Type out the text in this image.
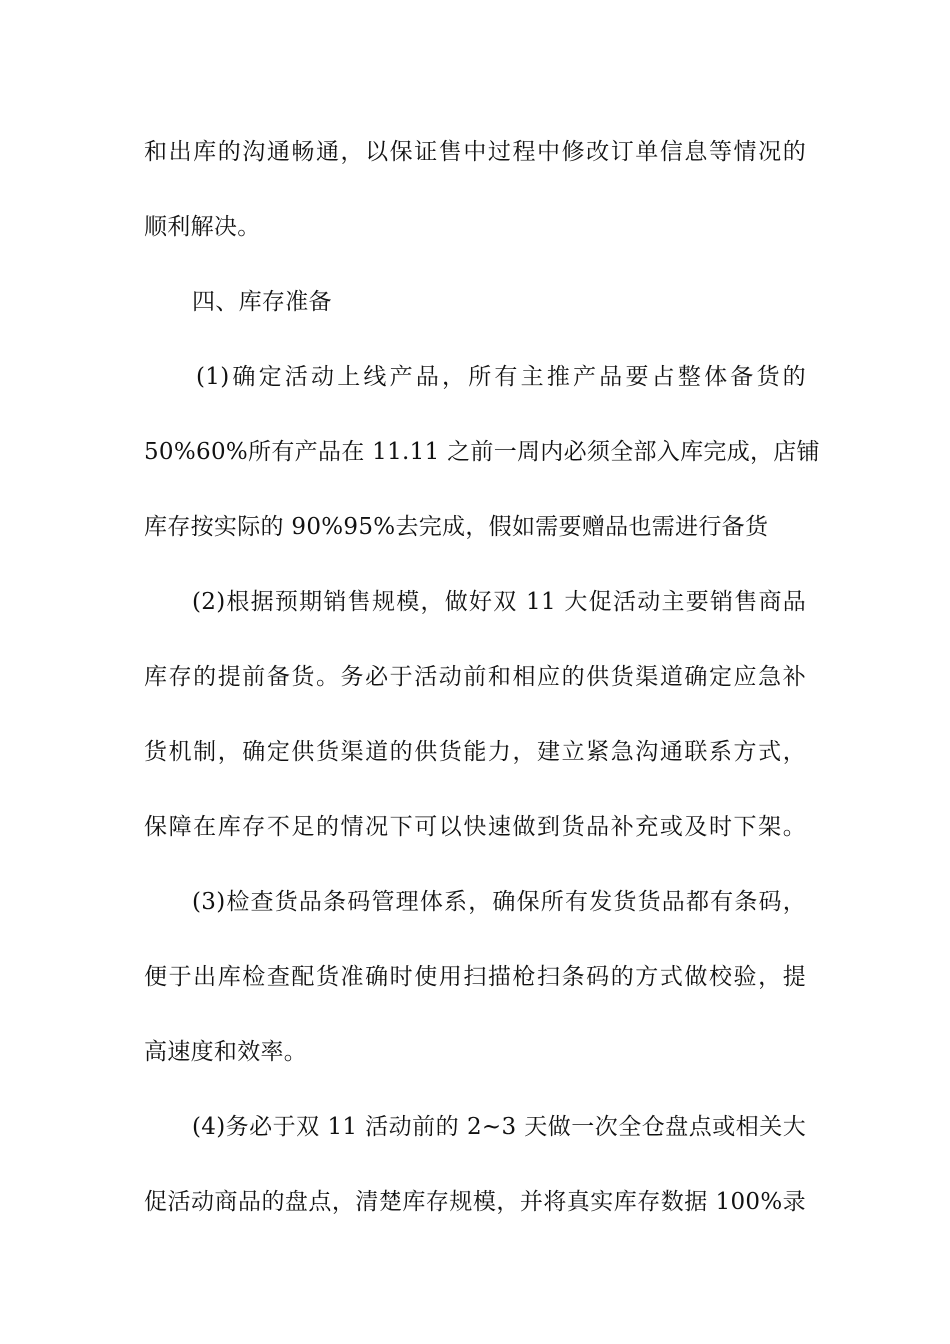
和出库的沟通畅通，以保证售中过程中修改订单信息等情况的
顺利解决。
四、库存准备
(1)确定活动上线产品，所有主推产品要占整体备货的
50%60%所有产品在 11.11 之前一周内必须全部入库完成，店铺
库存按实际的 90%95%去完成，假如需要赠品也需进行备货
(2)根据预期销售规模，做好双 11 大促活动主要销售商品
库存的提前备货。务必于活动前和相应的供货渠道确定应急补
货机制，确定供货渠道的供货能力，建立紧急沟通联系方式，
保障在库存不足的情况下可以快速做到货品补充或及时下架。
(3)检查货品条码管理体系，确保所有发货货品都有条码，
便于出库检查配货准确时使用扫描枪扫条码的方式做校验，提
高速度和效率。
(4)务必于双 11 活动前的 2~3 天做一次全仓盘点或相关大
促活动商品的盘点，清楚库存规模，并将真实库存数据 100%录
